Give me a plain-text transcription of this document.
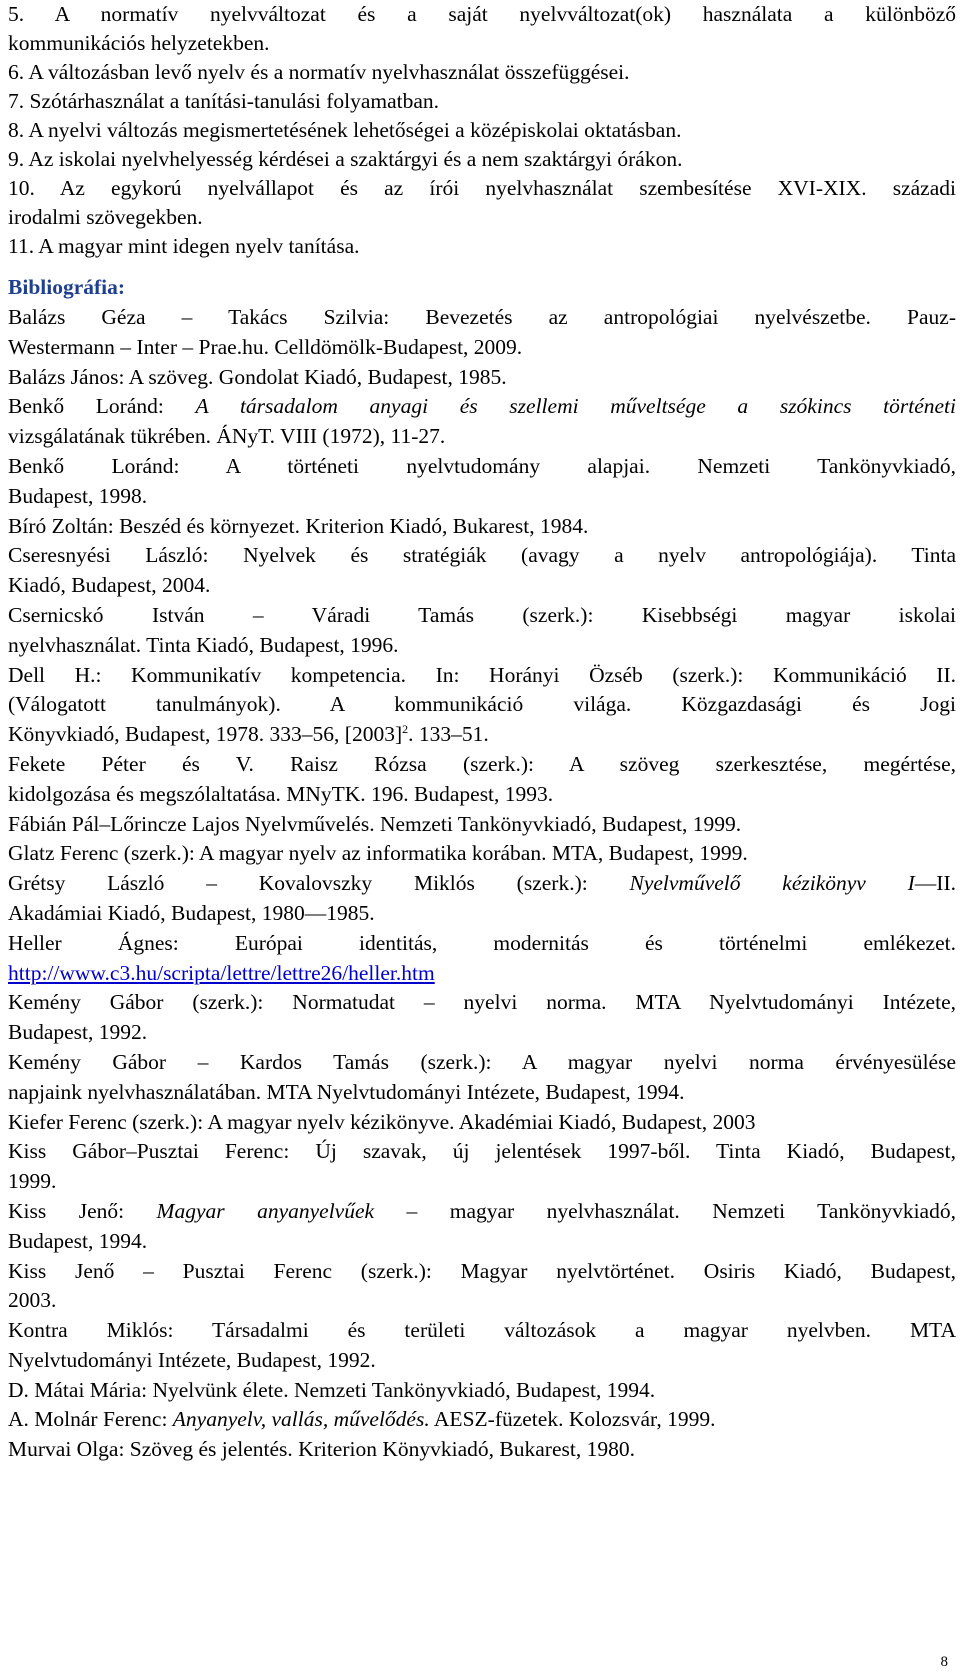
5. A normatív nyelvváltozat és a saját nyelvváltozat(ok) használata a különböző
kommunikációs helyzetekben.
6. A változásban levő nyelv és a normatív nyelvhasználat összefüggései.
7. Szótárhasználat a tanítási-tanulási folyamatban.
8. A nyelvi változás megismertetésének lehetőségei a középiskolai oktatásban.
9. Az iskolai nyelvhelyesség kérdései a szaktárgyi és a nem szaktárgyi órákon.
10. Az egykorú nyelvállapot és az írói nyelvhasználat szembesítése XVI-XIX. századi
irodalmi szövegekben.
11. A magyar mint idegen nyelv tanítása.
Bibliográfia:
Balázs Géza – Takács Szilvia: Bevezetés az antropológiai nyelvészetbe. Pauz-
Westermann – Inter – Prae.hu. Celldömölk-Budapest, 2009.
Balázs János: A szöveg. Gondolat Kiadó, Budapest, 1985.
Benkő Loránd: A társadalom anyagi és szellemi műveltsége a szókincs történeti
vizsgálatának tükrében. ÁNyT. VIII (1972), 11-27.
Benkő Loránd: A történeti nyelvtudomány alapjai. Nemzeti Tankönyvkiadó,
Budapest, 1998.
Bíró Zoltán: Beszéd és környezet. Kriterion Kiadó, Bukarest, 1984.
Cseresnyési László: Nyelvek és stratégiák (avagy a nyelv antropológiája). Tinta
Kiadó, Budapest, 2004.
Csernicskó István – Váradi Tamás (szerk.): Kisebbségi magyar iskolai
nyelvhasználat. Tinta Kiadó, Budapest, 1996.
Dell H.: Kommunikatív kompetencia. In: Horányi Özséb (szerk.): Kommunikáció II.
(Válogatott tanulmányok). A kommunikáció világa. Közgazdasági és Jogi
Könyvkiadó, Budapest, 1978. 333–56, $[2003]^2$. 133–51.
Fekete Péter és V. Raisz Rózsa (szerk.): A szöveg szerkesztése, megértése,
kidolgozása és megszólaltatása. MNyTK. 196. Budapest, 1993.
Fábián Pál–Lőrincze Lajos Nyelvművelés. Nemzeti Tankönyvkiadó, Budapest, 1999.
Glatz Ferenc (szerk.): A magyar nyelv az informatika korában. MTA, Budapest, 1999.
Grétsy László – Kovalovszky Miklós (szerk.): Nyelvművelő kézikönyv I—II.
Akadámiai Kiadó, Budapest, 1980—1985.
Heller Ágnes: Európai identitás, modernitás és történelmi emlékezet.
http://www.c3.hu/scripta/lettre/lettre26/heller.htm
Kemény Gábor (szerk.): Normatudat – nyelvi norma. MTA Nyelvtudományi Intézete,
Budapest, 1992.
Kemény Gábor – Kardos Tamás (szerk.): A magyar nyelvi norma érvényesülése
napjaink nyelvhasználatában. MTA Nyelvtudományi Intézete, Budapest, 1994.
Kiefer Ferenc (szerk.): A magyar nyelv kézikönyve. Akadémiai Kiadó, Budapest, 2003
Kiss Gábor–Pusztai Ferenc: Új szavak, új jelentések 1997-ből. Tinta Kiadó, Budapest,
1999.
Kiss Jenő: Magyar anyanyelvűek – magyar nyelvhasználat. Nemzeti Tankönyvkiadó,
Budapest, 1994.
Kiss Jenő – Pusztai Ferenc (szerk.): Magyar nyelvtörténet. Osiris Kiadó, Budapest,
2003.
Kontra Miklós: Társadalmi és területi változások a magyar nyelvben. MTA
Nyelvtudományi Intézete, Budapest, 1992.
D. Mátai Mária: Nyelvünk élete. Nemzeti Tankönyvkiadó, Budapest, 1994.
A. Molnár Ferenc: Anyanyelv, vallás, művelődés. AESZ-füzetek. Kolozsvár, 1999.
Murvai Olga: Szöveg és jelentés. Kriterion Könyvkiadó, Bukarest, 1980.
8
